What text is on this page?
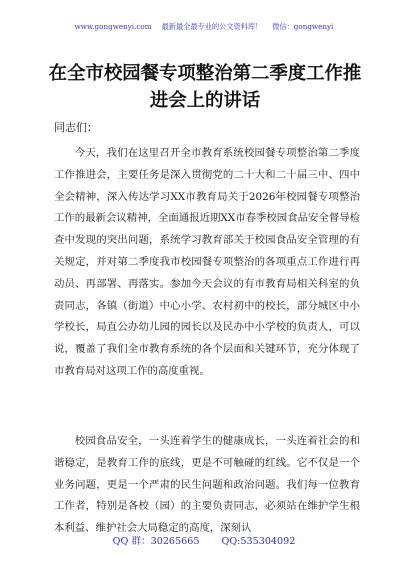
www.gongwenyi.com 最新最全最专业的公文资料库！ 微信：gongwenyi
在全市校园餐专项整治第二季度工作推进会上的讲话
同志们：

今天，我们在这里召开全市教育系统校园餐专项整治第二季度工作推进会，主要任务是深入贯彻党的二十大和二十届三中、四中全会精神，深入传达学习XX市教育局关于2026年校园餐专项整治工作的最新会议精神，全面通报近期XX市春季校园食品安全督导检查中发现的突出问题，系统学习教育部关于校园食品安全管理的有关规定，并对第二季度我市校园餐专项整治的各项重点工作进行再动员、再部署、再落实。参加今天会议的有市教育局相关科室的负责同志，各镇（街道）中心小学、农村初中的校长，部分城区中小学校长，局直公办幼儿园的园长以及民办中小学校的负责人，可以说，覆盖了我们全市教育系统的各个层面和关键环节，充分体现了市教育局对这项工作的高度重视。

校园食品安全，一头连着学生的健康成长，一头连着社会的和谐稳定，是教育工作的底线，更是不可触碰的红线。它不仅是一个业务问题，更是一个严肃的民生问题和政治问题。我们每一位教育工作者，特别是各校（园）的主要负责同志，必须站在维护学生根本利益、维护社会大局稳定的高度，深刻认

QQ 群：30265665 QQ:535304092
